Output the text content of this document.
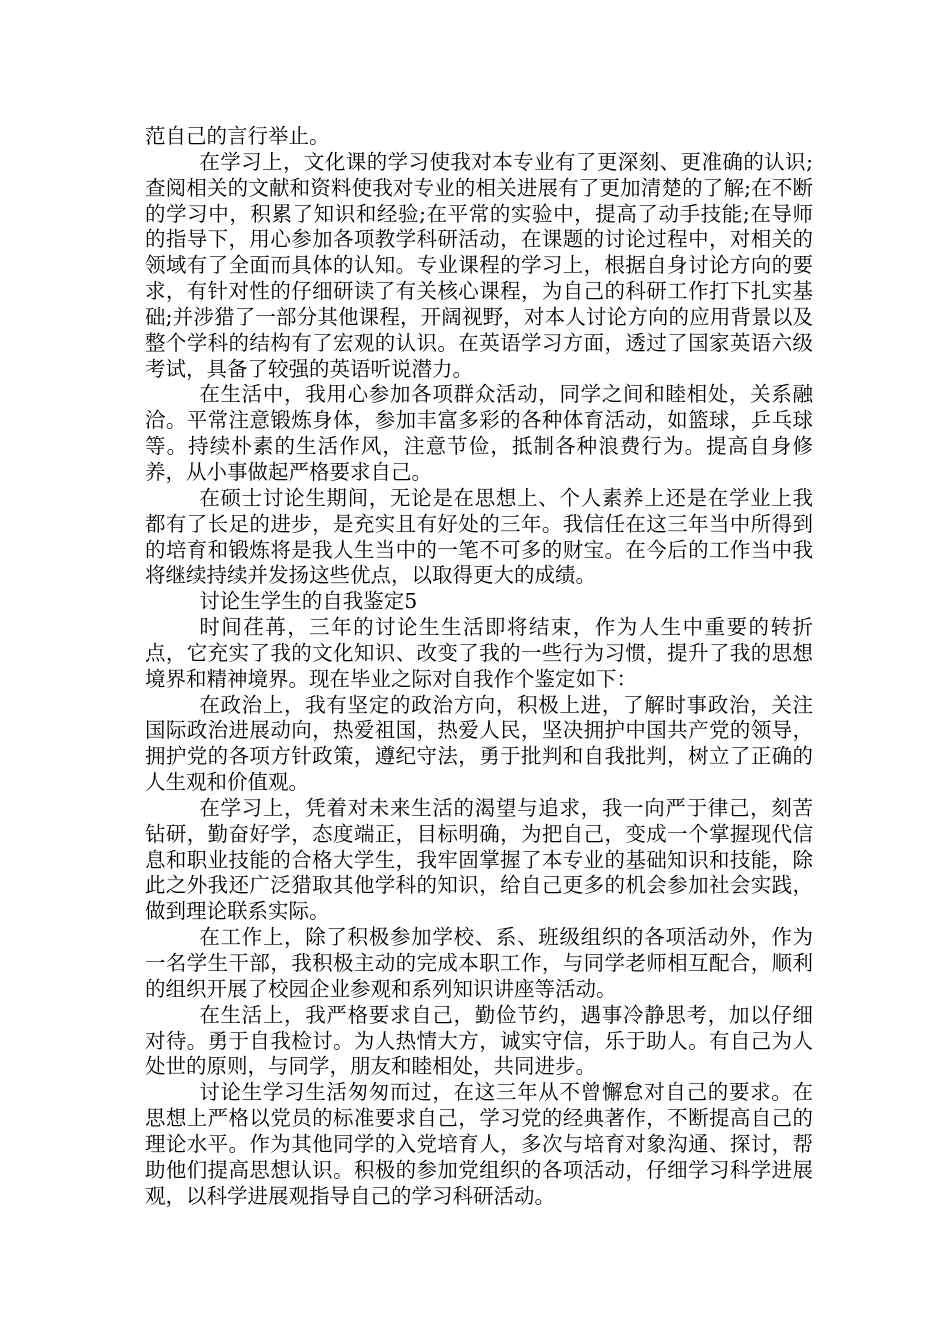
范自己的言行举止。

在学习上，文化课的学习使我对本专业有了更深刻、更准确的认识;查阅相关的文献和资料使我对专业的相关进展有了更加清楚的了解;在不断的学习中，积累了知识和经验;在平常的实验中，提高了动手技能;在导师的指导下，用心参加各项教学科研活动，在课题的讨论过程中，对相关的领域有了全面而具体的认知。专业课程的学习上，根据自身讨论方向的要求，有针对性的仔细研读了有关核心课程，为自己的科研工作打下扎实基础;并涉猎了一部分其他课程，开阔视野，对本人讨论方向的应用背景以及整个学科的结构有了宏观的认识。在英语学习方面，透过了国家英语六级考试，具备了较强的英语听说潜力。

在生活中，我用心参加各项群众活动，同学之间和睦相处，关系融洽。平常注意锻炼身体，参加丰富多彩的各种体育活动，如篮球，乒乓球等。持续朴素的生活作风，注意节俭，抵制各种浪费行为。提高自身修养，从小事做起严格要求自己。

在硕士讨论生期间，无论是在思想上、个人素养上还是在学业上我都有了长足的进步，是充实且有好处的三年。我信任在这三年当中所得到的培育和锻炼将是我人生当中的一笔不可多的财宝。在今后的工作当中我将继续持续并发扬这些优点，以取得更大的成绩。

讨论生学生的自我鉴定5

时间荏苒，三年的讨论生生活即将结束，作为人生中重要的转折点，它充实了我的文化知识、改变了我的一些行为习惯，提升了我的思想境界和精神境界。现在毕业之际对自我作个鉴定如下：

在政治上，我有坚定的政治方向，积极上进，了解时事政治，关注国际政治进展动向，热爱祖国，热爱人民，坚决拥护中国共产党的领导，拥护党的各项方针政策，遵纪守法，勇于批判和自我批判，树立了正确的人生观和价值观。

在学习上，凭着对未来生活的渴望与追求，我一向严于律己，刻苦钻研，勤奋好学，态度端正，目标明确，为把自己，变成一个掌握现代信息和职业技能的合格大学生，我牢固掌握了本专业的基础知识和技能，除此之外我还广泛猎取其他学科的知识，给自己更多的机会参加社会实践，做到理论联系实际。

在工作上，除了积极参加学校、系、班级组织的各项活动外，作为一名学生干部，我积极主动的完成本职工作，与同学老师相互配合，顺利的组织开展了校园企业参观和系列知识讲座等活动。

在生活上，我严格要求自己，勤俭节约，遇事冷静思考，加以仔细对待。勇于自我检讨。为人热情大方，诚实守信，乐于助人。有自己为人处世的原则，与同学，朋友和睦相处，共同进步。

讨论生学习生活匆匆而过，在这三年从不曾懈怠对自己的要求。在思想上严格以党员的标准要求自己，学习党的经典著作，不断提高自己的理论水平。作为其他同学的入党培育人，多次与培育对象沟通、探讨，帮助他们提高思想认识。积极的参加党组织的各项活动，仔细学习科学进展观，以科学进展观指导自己的学习科研活动。
